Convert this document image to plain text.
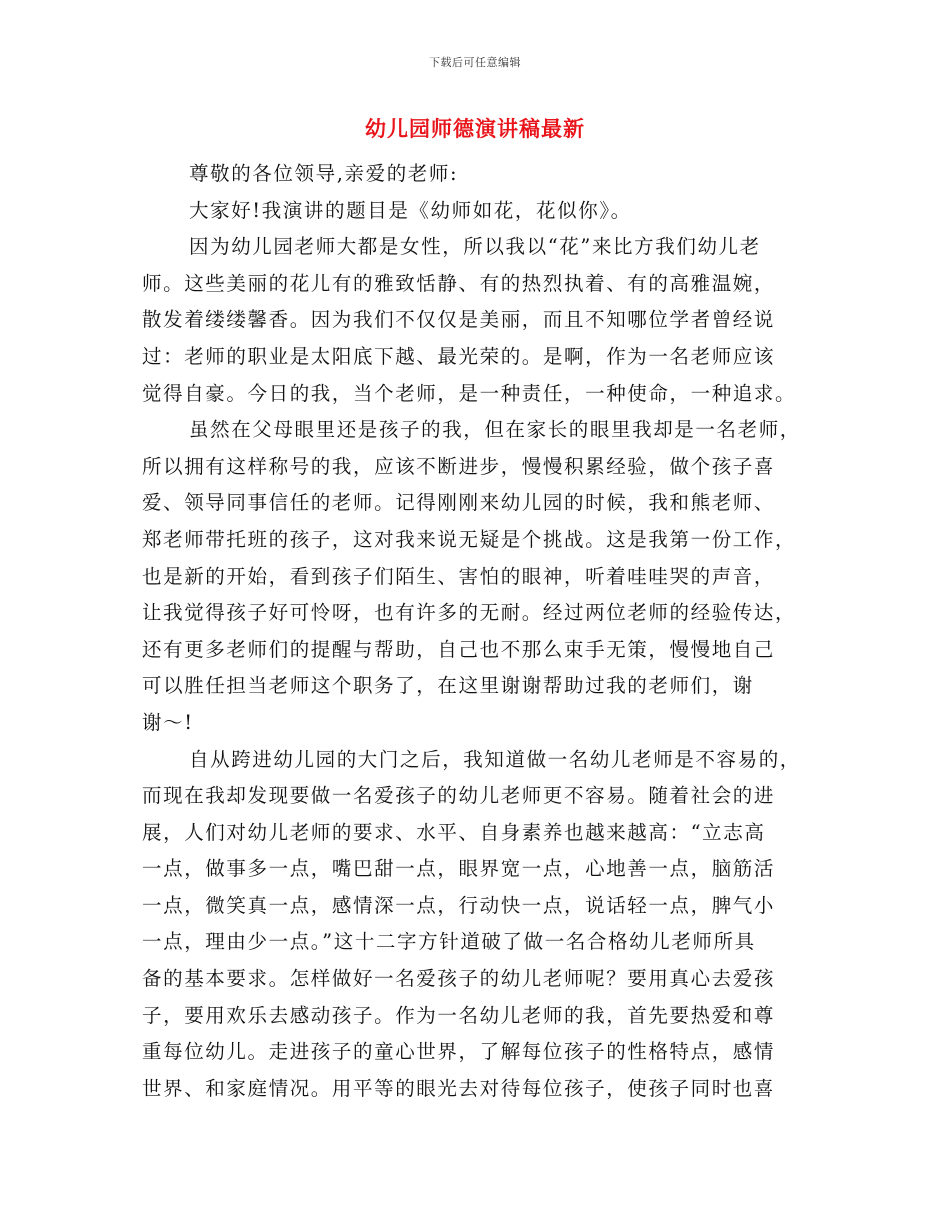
下载后可任意编辑
幼儿园师德演讲稿最新
尊敬的各位领导,亲爱的老师:
大家好!我演讲的题目是《幼师如花，花似你》。
因为幼儿园老师大都是女性，所以我以“花”来比方我们幼儿老
师。这些美丽的花儿有的雅致恬静、有的热烈执着、有的高雅温婉，
散发着缕缕馨香。因为我们不仅仅是美丽，而且不知哪位学者曾经说
过：老师的职业是太阳底下越、最光荣的。是啊，作为一名老师应该
觉得自豪。今日的我，当个老师，是一种责任，一种使命，一种追求。
虽然在父母眼里还是孩子的我，但在家长的眼里我却是一名老师，
所以拥有这样称号的我，应该不断进步，慢慢积累经验，做个孩子喜
爱、领导同事信任的老师。记得刚刚来幼儿园的时候，我和熊老师、
郑老师带托班的孩子，这对我来说无疑是个挑战。这是我第一份工作，
也是新的开始，看到孩子们陌生、害怕的眼神，听着哇哇哭的声音，
让我觉得孩子好可怜呀，也有许多的无耐。经过两位老师的经验传达，
还有更多老师们的提醒与帮助，自己也不那么束手无策，慢慢地自己
可以胜任担当老师这个职务了，在这里谢谢帮助过我的老师们，谢
谢～!
自从跨进幼儿园的大门之后，我知道做一名幼儿老师是不容易的，
而现在我却发现要做一名爱孩子的幼儿老师更不容易。随着社会的进
展，人们对幼儿老师的要求、水平、自身素养也越来越高：“立志高
一点，做事多一点，嘴巴甜一点，眼界宽一点，心地善一点，脑筋活
一点，微笑真一点，感情深一点，行动快一点，说话轻一点，脾气小
一点，理由少一点。”这十二字方针道破了做一名合格幼儿老师所具
备的基本要求。怎样做好一名爱孩子的幼儿老师呢？要用真心去爱孩
子，要用欢乐去感动孩子。作为一名幼儿老师的我，首先要热爱和尊
重每位幼儿。走进孩子的童心世界，了解每位孩子的性格特点，感情
世界、和家庭情况。用平等的眼光去对待每位孩子，使孩子同时也喜
